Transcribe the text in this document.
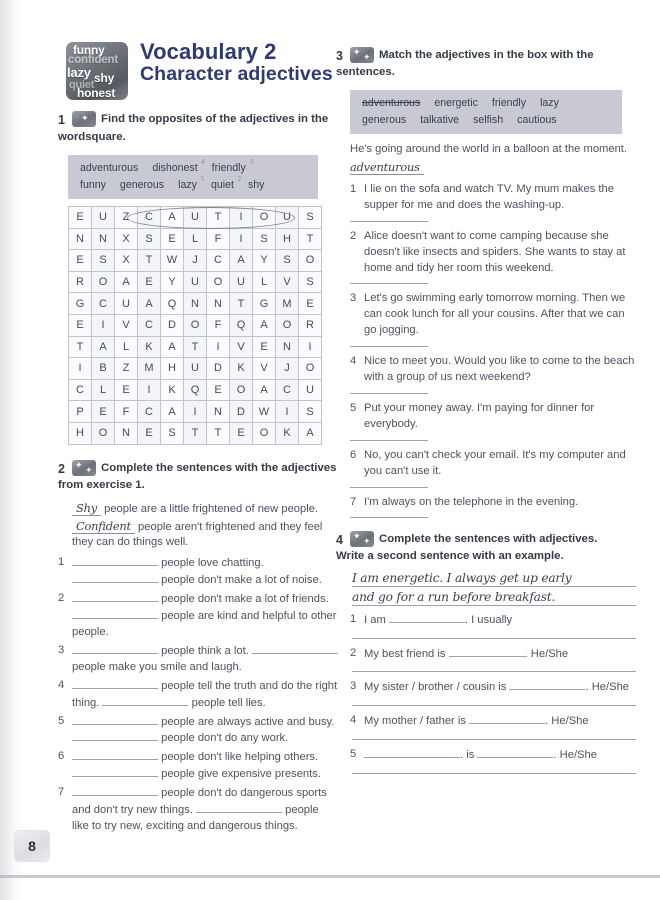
funny
confident
lazy shy
quiet
honest
Vocabulary 2
Character adjectives
1 ✦	Find the opposites of the adjectives in the
wordsquare.
adventurous dishonest 4 friendly 3
funny generous lazy 5 quiet 2 shy
E	U	Z	C	A	U	T	I	O	U	S
N	N	X	S	E	L	F	I	S	H	T
E	S	X	T	W	J	C	A	Y	S	O
R	O	A	E	Y	U	O	U	L	V	S
G	C	U	A	Q	N	N	T	G	M	E
E	I	V	C	D	O	F	Q	A	O	R
T	A	L	K	A	T	I	V	E	N	I
I	B	Z	M	H	U	D	K	V	J	O
C	L	E	I	K	Q	E	O	A	C	U
P	E	F	C	A	I	N	D	W	I	S
H	O	N	E	S	T	T	E	O	K	A
2 ✦ ✦ Complete the sentences with the adjectives
from exercise 1.
Shy people are a little frightened of new people. Confident people aren't frightened and they feel they can do things well.
1	people love chatting.  people don't make a lot of noise.
2	people don't make a lot of friends.  people are kind and helpful to other people.
3	people think a lot.  people make you smile and laugh.
4	people tell the truth and do the right thing.	people tell lies.
5	people are always active and busy.  people don't do any work.
6	people don't like helping others.  people give expensive presents.
7	people don't do dangerous sports and don't try new things.	people like to try new, exciting and dangerous things.
3 ✦ ✦ Match the adjectives in the box with the
sentences.
adventurous energetic friendly lazy
generous talkative selfish cautious
He's going around the world in a balloon at the moment.
adventurous
1 I lie on the sofa and watch TV. My mum makes the supper for me and does the washing-up.
2 Alice doesn't want to come camping because she doesn't like insects and spiders. She wants to stay at home and tidy her room this weekend.
3 Let's go swimming early tomorrow morning. Then we can cook lunch for all your cousins. After that we can go jogging.
4 Nice to meet you. Would you like to come to the beach with a group of us next weekend?
5 Put your money away. I'm paying for dinner for everybody.
6 No, you can't check your email. It's my computer and you can't use it.
7 I'm always on the telephone in the evening.
4 ✦ ✦ Complete the sentences with adjectives.
Write a second sentence with an example.
I am energetic. I always get up early
and go for a run before breakfast.
1 I am	. I usually
2 My best friend is	. He/She
3 My sister / brother / cousin is	. He/She
4 My mother / father is	. He/She
5	. is	. He/She
8
